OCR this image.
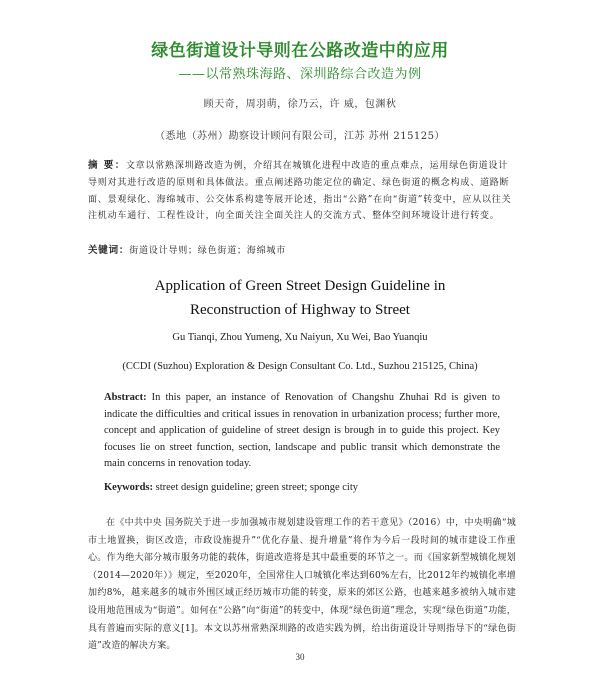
绿色街道设计导则在公路改造中的应用
——以常熟珠海路、深圳路综合改造为例
顾天奇，周羽萌，徐乃云，许 威，包渊秋
（悉地（苏州）勘察设计顾问有限公司，江苏 苏州 215125）
摘 要：文章以常熟深圳路改造为例，介绍其在城镇化进程中改造的重点难点，运用绿色街道设计导则对其进行改造的原则和具体做法。重点阐述路功能定位的确定、绿色街道的概念构成、道路断面、景观绿化、海绵城市、公交体系构建等展开论述，指出“公路”在向“街道”转变中，应从以往关注机动车通行、工程性设计，向全面关注全面关注人的交流方式、整体空间环境设计进行转变。
关键词：街道设计导则；绿色街道；海绵城市
Application of Green Street Design Guideline in
Reconstruction of Highway to Street
Gu Tianqi, Zhou Yumeng, Xu Naiyun, Xu Wei, Bao Yuanqiu
(CCDI (Suzhou) Exploration & Design Consultant Co. Ltd., Suzhou 215125, China)
Abstract: In this paper, an instance of Renovation of Changshu Zhuhai Rd is given to indicate the difficulties and critical issues in renovation in urbanization process; further more, concept and application of guideline of street design is brough in to guide this project. Key focuses lie on street function, section, landscape and public transit which demonstrate the main concerns in renovation today.
Keywords: street design guideline; green street; sponge city
在《中共中央 国务院关于进一步加强城市规划建设管理工作的若干意见》（2016）中，中央明确“城市土地置换，街区改造，市政设施提升”“优化存量、提升增量”将作为今后一段时间的城市建设工作重心。作为绝大部分城市服务功能的载体，街道改造将是其中最重要的环节之一。而《国家新型城镇化规划（2014—2020年）》规定，至2020年，全国常住人口城镇化率达到60%左右，比2012年约城镇化率增加约8%，越来越多的城市外围区域正经历城市功能的转变，原来的郊区公路，也越来越多被纳入城市建设用地范围成为“街道”。如何在“公路”向“街道”的转变中，体现“绿色街道”理念，实现“绿色街道”功能，具有普遍而实际的意义[1]。本文以苏州常熟深圳路的改造实践为例，给出街道设计导则指导下的“绿色街道”改造的解决方案。
30
